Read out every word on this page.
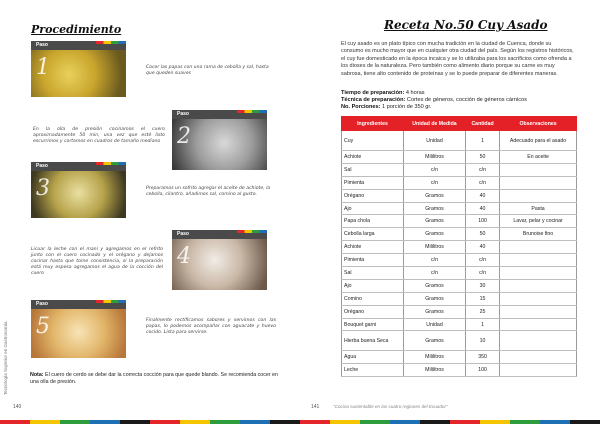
Procedimiento
Paso
1	Cocer las papas con una rama de cebolla y sal, hasta que queden suaves
Paso
2
En la olla de presión cocinamos el cuero aproximadamente 50 min, una vez que esté listo escurrimos y cortamos en cuadros de tamaño mediano
Paso
3	Preparamos un sofrito agregar el aceite de achiote, la cebolla, cilantro, añadimos sal, comino al gusto.
Paso
4
Licuar la leche con el maní y agregamos en el refrito junto con el cuero cocinado y el orégano y dejamos cocinar hasta que tome consistencia, si la preparación está muy espesa agregamos el agua de la cocción del cuero
Paso
5	Finalmente rectificamos sabores y servimos con las papas, lo podemos acompañar con aguacate y huevo cocido. Lista para servirse.
Nota: El cuero de cerdo se debe dar la correcta cocción para que quede blando. Se recomienda cocer en una olla de presión.
Tecnología Superior en Gastronomía
140
Receta No.50 Cuy Asado
El cuy asado es un plato típico con mucha tradición en la ciudad de Cuenca, donde su consumo es mucho mayor que en cualquier otra ciudad del país. Según los registros históricos, el cuy fue domesticado en la época incaica y se lo utilizaba para los sacrificios como ofrenda a los dioses de la naturaleza. Pero también como alimento diario porque su carne es muy sabrosa, tiene alto contenido de proteínas y se lo puede preparar de diferentes maneras.
Tiempo de preparación: 4 horas
Técnica de preparación: Cortes de géneros, cocción de géneros cárnicos
No. Porciones: 1 porción de 350 gr.
Ingredientes	Unidad de Medida	Cantidad	Observaciones
Cuy	Unidad	1	Adecuado para el asado
Achiote	Mililitros	50	En aceite
Sal	c/n	c/n	
Pimienta	c/n	c/n	
Orégano	Gramos	40	
Ajo	Gramos	40	Pasta
Papa chola	Gramos	100	Lavar, pelar y cocinar
Cebolla larga	Gramos	50	Brunoise fino
Achiote	Mililitros	40	
Pimienta	c/n	c/n	
Sal	c/n	c/n	
Ajo	Gramos	30	
Comino	Gramos	15	
Orégano	Gramos	25	
Bouquet garni	Unidad	1	
Hierba buena Seca	Gramos	10	
Agua	Mililitros	350	
Leche	Mililitros	100	
141	"Cocina sustentable en las cuatro regiones del Ecuador"
